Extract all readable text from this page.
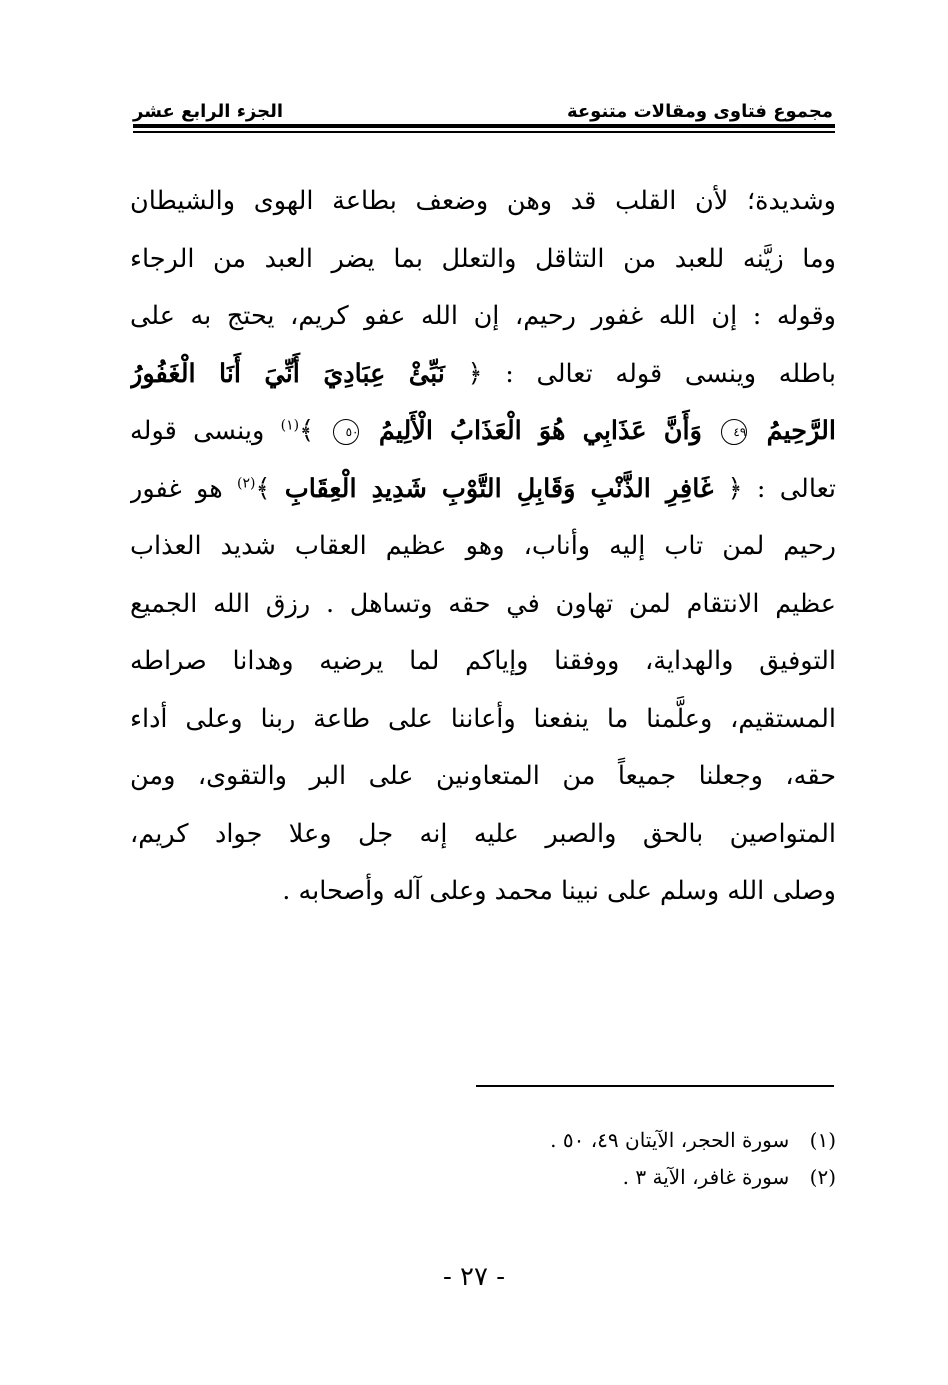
مجموع فتاوى ومقالات متنوعة
الجزء الرابع عشر
وشديدة؛ لأن القلب قد وهن وضعف بطاعة الهوى والشيطان
وما زيَّنه للعبد من التثاقل والتعلل بما يضر العبد من الرجاء
وقوله : إن الله غفور رحيم، إن الله عفو كريم، يحتج به على
باطله وينسى قوله تعالى : ﴿ نَبِّئْ عِبَادِيَ أَنِّيَ أَنَا الْغَفُورُ
الرَّحِيمُ ٤٩ وَأَنَّ عَذَابِي هُوَ الْعَذَابُ الْأَلِيمُ ٥٠ ﴾$^{(١)}$ وينسى قوله
تعالى : ﴿ غَافِرِ الذَّنْبِ وَقَابِلِ التَّوْبِ شَدِيدِ الْعِقَابِ ﴾$^{(٢)}$ هو غفور
رحيم لمن تاب إليه وأناب، وهو عظيم العقاب شديد العذاب
عظيم الانتقام لمن تهاون في حقه وتساهل . رزق الله الجميع
التوفيق والهداية، ووفقنا وإياكم لما يرضيه وهدانا صراطه
المستقيم، وعلَّمنا ما ينفعنا وأعاننا على طاعة ربنا وعلى أداء
حقه، وجعلنا جميعاً من المتعاونين على البر والتقوى، ومن
المتواصين بالحق والصبر عليه إنه جل وعلا جواد كريم،
وصلى الله وسلم على نبينا محمد وعلى آله وأصحابه .
(١) سورة الحجر، الآيتان ٤٩، ٥٠ .
(٢) سورة غافر، الآية ٣ .
- ٢٧ -
